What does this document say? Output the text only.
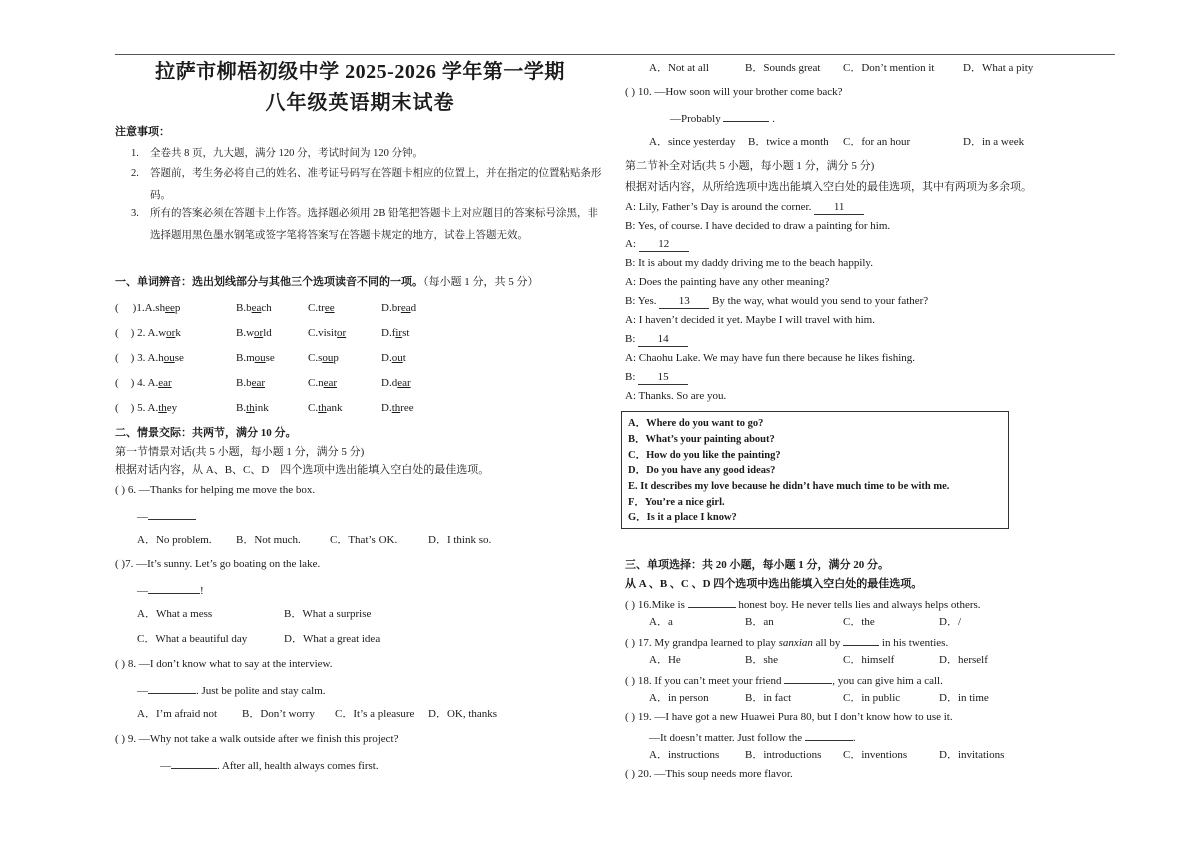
拉萨市柳梧初级中学 2025-2026 学年第一学期
八年级英语期末试卷
注意事项：
1. 全卷共 8 页，九大题，满分 120 分，考试时间为 120 分钟。
2. 答题前，考生务必将自己的姓名、准考证号码写在答题卡相应的位置上，并在指定的位置粘贴条形码。
3. 所有的答案必须在答题卡上作答。选择题必须用 2B 铅笔把答题卡上对应题目的答案标号涂黑，非选择题用黑色墨水钢笔或签字笔将答案写在答题卡规定的地方，试卷上答题无效。
一、单词辨音：选出划线部分与其他三个选项读音不同的一项。（每小题 1 分，共 5 分）
( )1.A.sheep	B.beach	C.tree	D.bread
( ) 2. A.work	B.world	C.visitor	D.first
( ) 3. A.house	B.mouse	C.soup	D.out
( ) 4. A.ear	B.bear	C.near	D.dear
( ) 5. A.they	B.think	C.thank	D.three
二、情景交际：共两节，满分 10 分。
第一节情景对话(共 5 小题，每小题 1 分，满分 5 分)
根据对话内容，从 A、B、C、D　四个选项中选出能填入空白处的最佳选项。
( ) 6. —Thanks for helping me move the box.
—
A．No problem. B．Not much.	C．That’s OK.	D．I think so.
( )7. —It’s sunny. Let’s go boating on the lake.
—	!
A．What a mess	B．What a surprise
C．What a beautiful day	D．What a great idea
( ) 8. —I don’t know what to say at the interview.
—	. Just be polite and stay calm.
A．I’m afraid not B．Don’t worry C．It’s a pleasure D．OK, thanks
( ) 9. —Why not take a walk outside after we finish this project?
—	. After all, health always comes first.
A．Not at all	B．Sounds great C．Don’t mention it	D．What a pity
( ) 10. —How soon will your brother come back?
—Probably	.
A．since yesterday B．twice a month C．for an hour	D．in a week
第二节补全对话(共 5 小题，每小题 1 分，满分 5 分)
根据对话内容，从所给选项中选出能填入空白处的最佳选项，其中有两项为多余项。
A: Lily, Father’s Day is around the corner. 11
B: Yes, of course. I have decided to draw a painting for him.
A: 12
B: It is about my daddy driving me to the beach happily.
A: Does the painting have any other meaning?
B: Yes. 13 By the way, what would you send to your father?
A: I haven’t decided it yet. Maybe I will travel with him.
B: 14
A: Chaohu Lake. We may have fun there because he likes fishing.
B: 15
A: Thanks. So are you.
A．Where do you want to go?
B．What’s your painting about?
C．How do you like the painting?
D．Do you have any good ideas?
E. It describes my love because he didn’t have much time to be with me.
F．You’re a nice girl.
G．Is it a place I know?
三、单项选择：共 20 小题，每小题 1 分，满分 20 分。
从 A 、B 、C 、D 四个选项中选出能填入空白处的最佳选项。
( ) 16.Mike is	honest boy. He never tells lies and always helps others.
A．a	B．an	C．the	D．/
( ) 17. My grandpa learned to play sanxian all by	in his twenties.
A．He	B．she	C．himself	D．herself
( ) 18. If you can’t meet your friend	, you can give him a call.
A．in person	B．in fact	C．in public	D．in time
( ) 19. —I have got a new Huawei Pura 80, but I don’t know how to use it.
—It doesn’t matter. Just follow the	.
A．instructions B．introductions C．inventions	D．invitations
( ) 20. —This soup needs more flavor.
